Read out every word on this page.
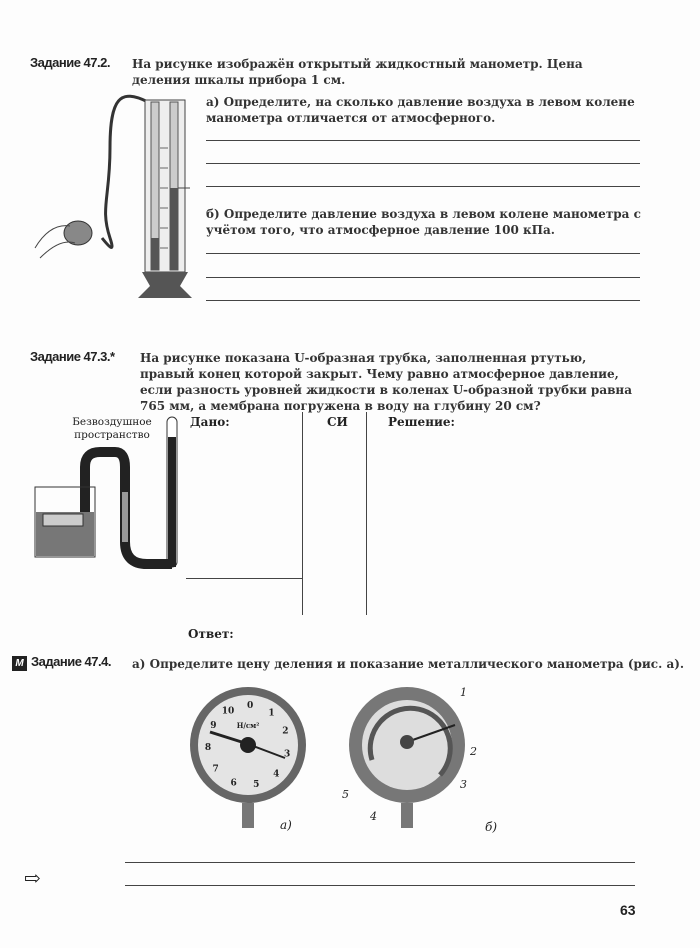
Задание 47.2. На рисунке изображён открытый жидкостный манометр. Цена деления шкалы прибора 1 см.
а) Определите, на сколько давление воздуха в левом колене манометра отличается от атмосферного.
б) Определите давление воздуха в левом колене манометра с учётом того, что атмосферное давление 100 кПа.
Задание 47.3.* На рисунке показана U-образная трубка, заполненная ртутью, правый конец которой закрыт. Чему равно атмосферное давление, если разность уровней жидкости в коленах U-образной трубки равна 765 мм, а мембрана погружена в воду на глубину 20 см?
Безвоздушное пространство
Дано:	СИ	Решение:
Ответ:
М Задание 47.4. а) Определите цену деления и показание металлического манометра (рис. а).
10
0
1
2
3
4
5
6
7
8
9	Н/см²
а)	б)
1
2
3
4
5
⇨
63
